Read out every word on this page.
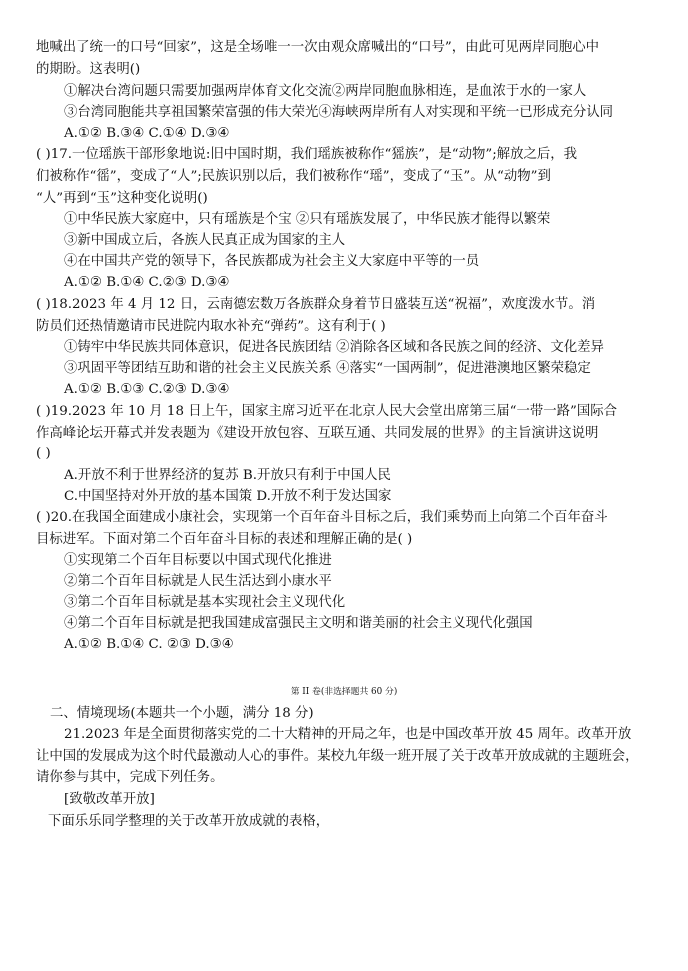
地喊出了统一的口号“回家”，这是全场唯一一次由观众席喊出的“口号”，由此可见两岸同胞心中
的期盼。这表明()
①解决台湾问题只需要加强两岸体育文化交流②两岸同胞血脉相连，是血浓于水的一家人
③台湾同胞能共享祖国繁荣富强的伟大荣光④海峡两岸所有人对实现和平统一已形成充分认同
A.①② B.③④ C.①④ D.③④
( )17.一位瑶族干部形象地说:旧中国时期，我们瑶族被称作“猺族”，是“动物”;解放之后，我
们被称作“徭”，变成了“人”;民族识别以后，我们被称作“瑶”，变成了“玉”。从“动物”到
“人”再到“玉”这种变化说明()
①中华民族大家庭中，只有瑶族是个宝 ②只有瑶族发展了，中华民族才能得以繁荣
③新中国成立后，各族人民真正成为国家的主人
④在中国共产党的领导下，各民族都成为社会主义大家庭中平等的一员
A.①② B.①④ C.②③ D.③④
( )18.2023 年 4 月 12 日，云南德宏数万各族群众身着节日盛装互送“祝福”，欢度泼水节。消
防员们还热情邀请市民进院内取水补充“弹药”。这有利于( )
①铸牢中华民族共同体意识，促进各民族团结 ②消除各区域和各民族之间的经济、文化差异
③巩固平等团结互助和谐的社会主义民族关系 ④落实“一国两制”，促进港澳地区繁荣稳定
A.①② B.①③ C.②③ D.③④
( )19.2023 年 10 月 18 日上午，国家主席习近平在北京人民大会堂出席第三届“一带一路”国际合
作高峰论坛开幕式并发表题为《建设开放包容、互联互通、共同发展的世界》的主旨演讲这说明
( )
A.开放不利于世界经济的复苏 B.开放只有利于中国人民
C.中国坚持对外开放的基本国策 D.开放不利于发达国家
( )20.在我国全面建成小康社会，实现第一个百年奋斗目标之后，我们乘势而上向第二个百年奋斗
目标进军。下面对第二个百年奋斗目标的表述和理解正确的是( )
①实现第二个百年目标要以中国式现代化推进
②第二个百年目标就是人民生活达到小康水平
③第二个百年目标就是基本实现社会主义现代化
④第二个百年目标就是把我国建成富强民主文明和谐美丽的社会主义现代化强国
A.①② B.①④ C. ②③ D.③④
第 II 卷(非选择题共 60 分)
二、情境现场(本题共一个小题，满分 18 分)
21.2023 年是全面贯彻落实党的二十大精神的开局之年，也是中国改革开放 45 周年。改革开放
让中国的发展成为这个时代最激动人心的事件。某校九年级一班开展了关于改革开放成就的主题班会，
请你参与其中，完成下列任务。
[致敬改革开放]
下面乐乐同学整理的关于改革开放成就的表格，
